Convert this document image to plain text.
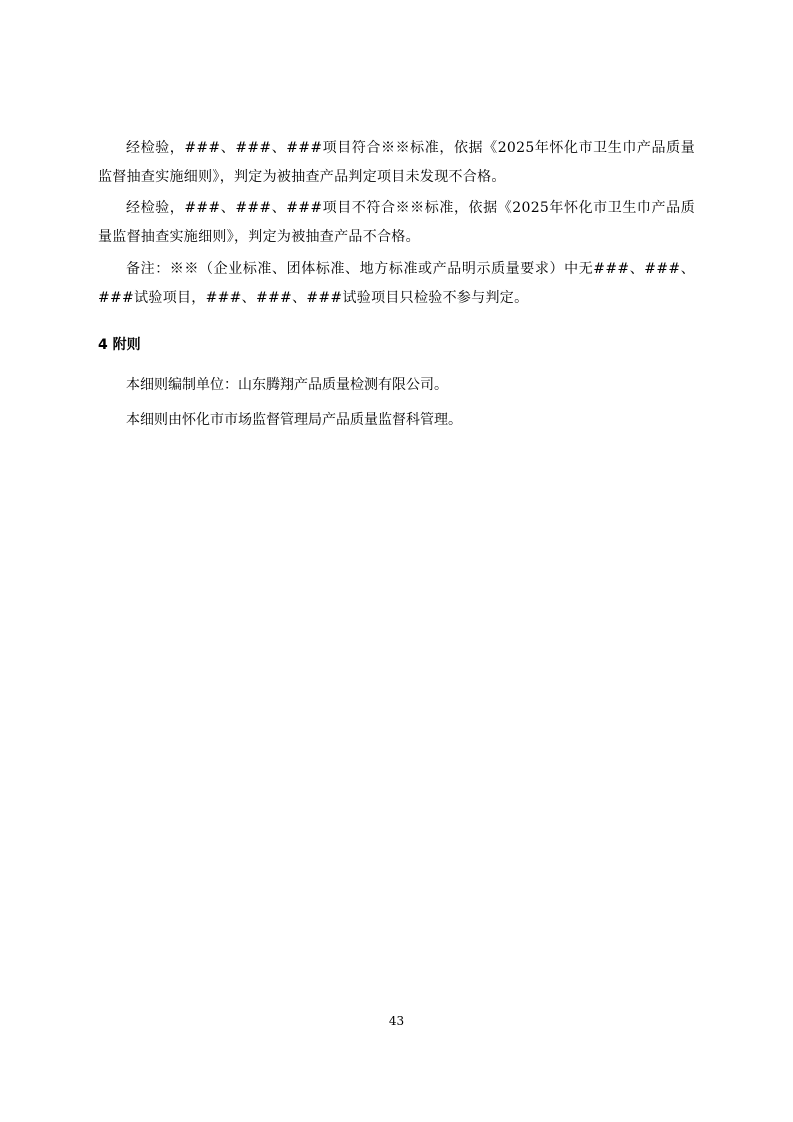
经检验，###、###、###项目符合※※标准，依据《2025年怀化市卫生巾产品质量监督抽查实施细则》，判定为被抽查产品判定项目未发现不合格。

经检验，###、###、###项目不符合※※标准，依据《2025年怀化市卫生巾产品质量监督抽查实施细则》，判定为被抽查产品不合格。

备注：※※（企业标准、团体标准、地方标准或产品明示质量要求）中无###、###、###试验项目，###、###、###试验项目只检验不参与判定。

4 附则

本细则编制单位：山东腾翔产品质量检测有限公司。

本细则由怀化市市场监督管理局产品质量监督科管理。

43
